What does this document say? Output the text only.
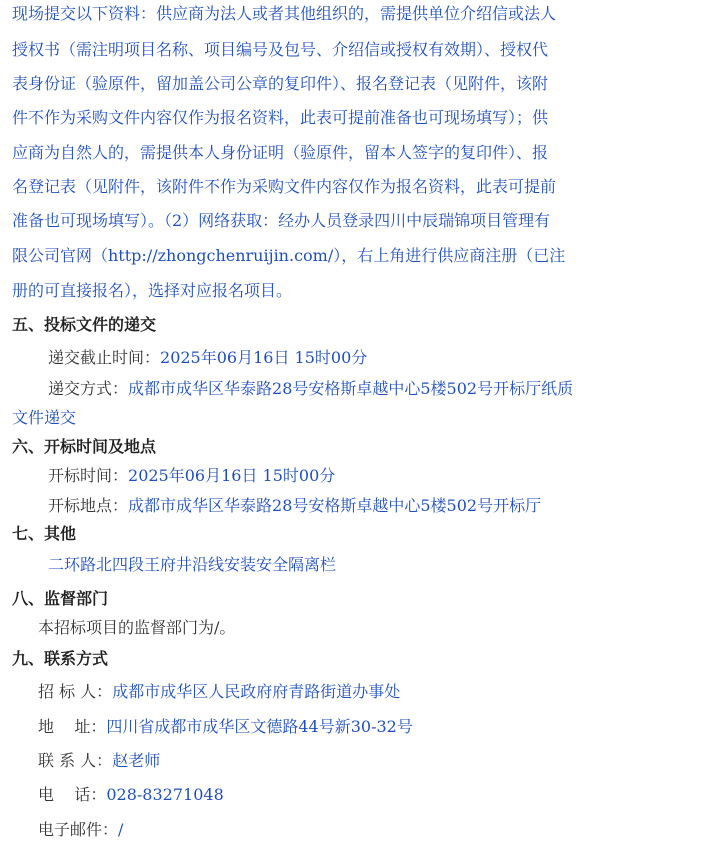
现场提交以下资料：供应商为法人或者其他组织的，需提供单位介绍信或法人
授权书（需注明项目名称、项目编号及包号、介绍信或授权有效期）、授权代
表身份证（验原件，留加盖公司公章的复印件）、报名登记表（见附件，该附
件不作为采购文件内容仅作为报名资料，此表可提前准备也可现场填写）；供
应商为自然人的，需提供本人身份证明（验原件，留本人签字的复印件）、报
名登记表（见附件，该附件不作为采购文件内容仅作为报名资料，此表可提前
准备也可现场填写）。（2）网络获取：经办人员登录四川中辰瑞锦项目管理有
限公司官网（http://zhongchenruijin.com/），右上角进行供应商注册（已注
册的可直接报名），选择对应报名项目。
五、投标文件的递交
递交截止时间：2025年06月16日 15时00分
递交方式：成都市成华区华泰路28号安格斯卓越中心5楼502号开标厅纸质
文件递交
六、开标时间及地点
开标时间：2025年06月16日 15时00分
开标地点：成都市成华区华泰路28号安格斯卓越中心5楼502号开标厅
七、其他
二环路北四段王府井沿线安装安全隔离栏
八、监督部门
本招标项目的监督部门为/。
九、联系方式
招 标 人：成都市成华区人民政府府青路街道办事处
地    址：四川省成都市成华区文德路44号新30-32号
联 系 人：赵老师
电    话：028-83271048
电子邮件：/
